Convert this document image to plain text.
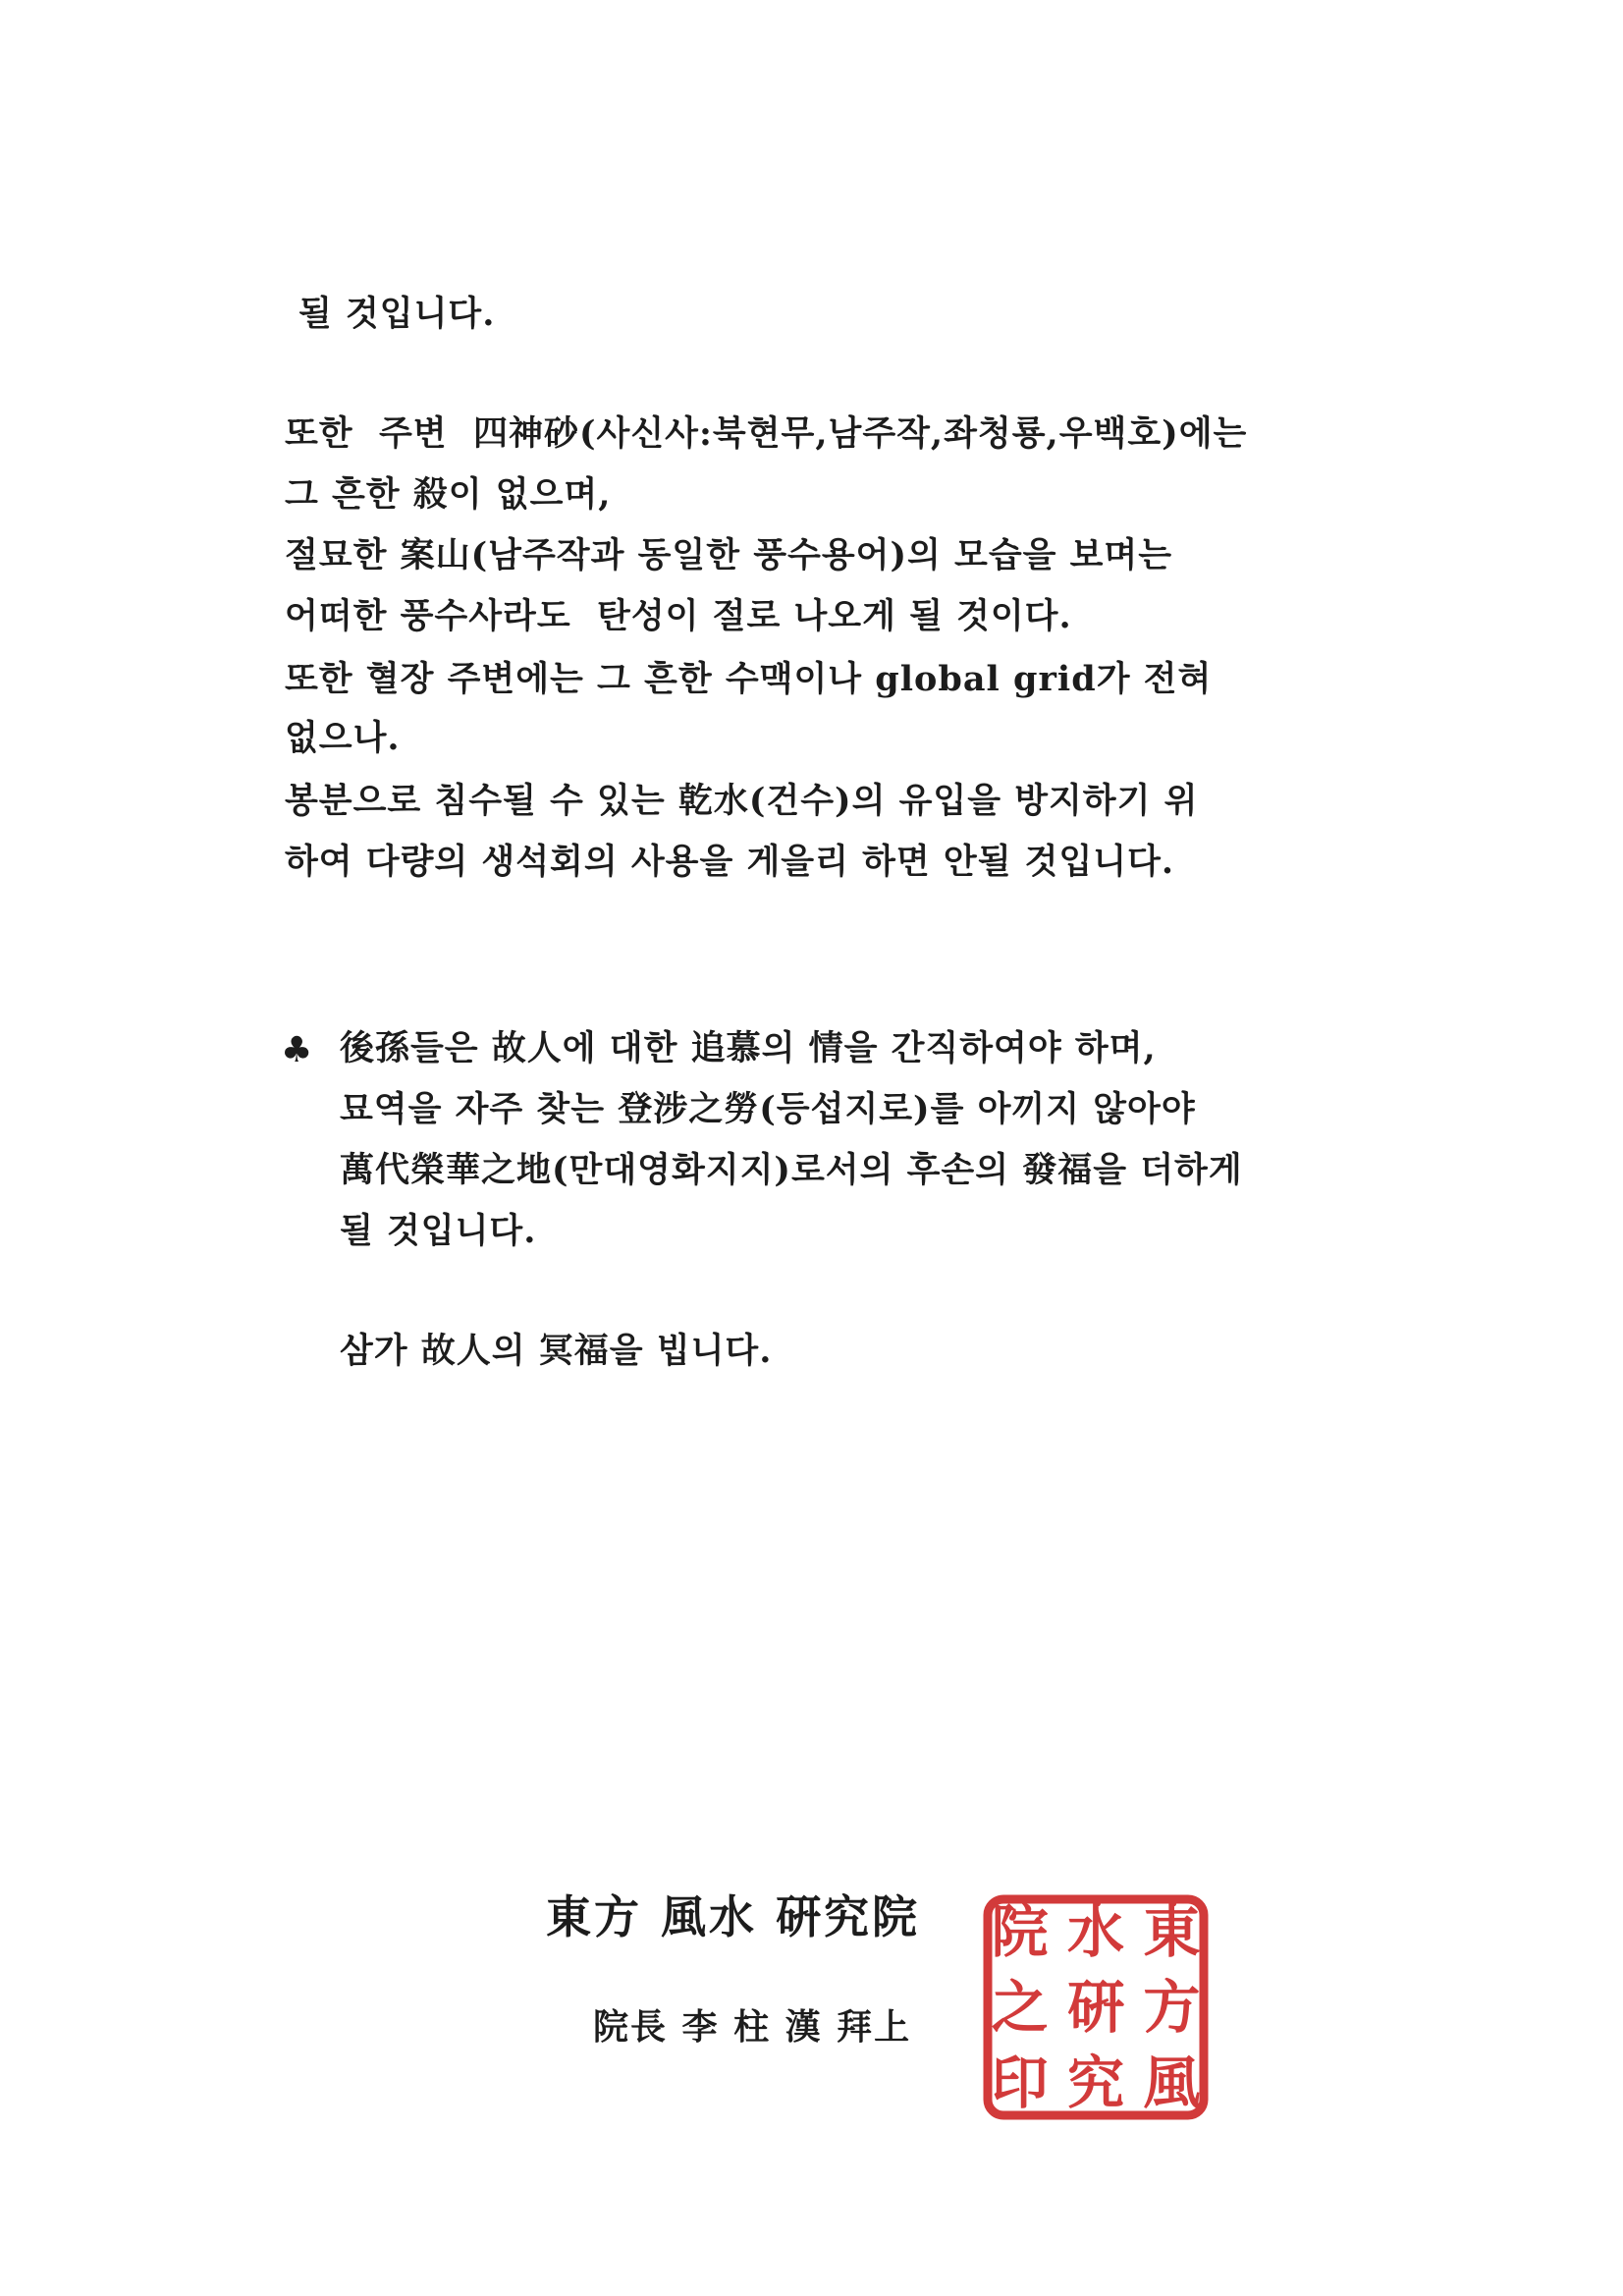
될 것입니다.
또한  주변  四神砂(사신사:북현무,남주작,좌청룡,우백호)에는
그 흔한 殺이 없으며,
절묘한 案山(남주작과 동일한 풍수용어)의 모습을 보며는
어떠한 풍수사라도  탄성이 절로 나오게 될 것이다.
또한 혈장 주변에는 그 흔한 수맥이나 global grid가 전혀
없으나.
봉분으로 침수될 수 있는 乾水(건수)의 유입을 방지하기 위
하여 다량의 생석회의 사용을 게을리 하면 안될 것입니다.
♣ 後孫들은 故人에 대한 追慕의 情을 간직하여야 하며,
묘역을 자주 찾는 登涉之勞(등섭지로)를 아끼지 않아야
萬代榮華之地(만대영화지지)로서의 후손의 發福을 더하게
될 것입니다.
삼가 故人의 冥福을 빕니다.
東方 風水 硏究院
院長 李 柱 漢 拜上
院 水 東
之 硏 方
印 究 風
